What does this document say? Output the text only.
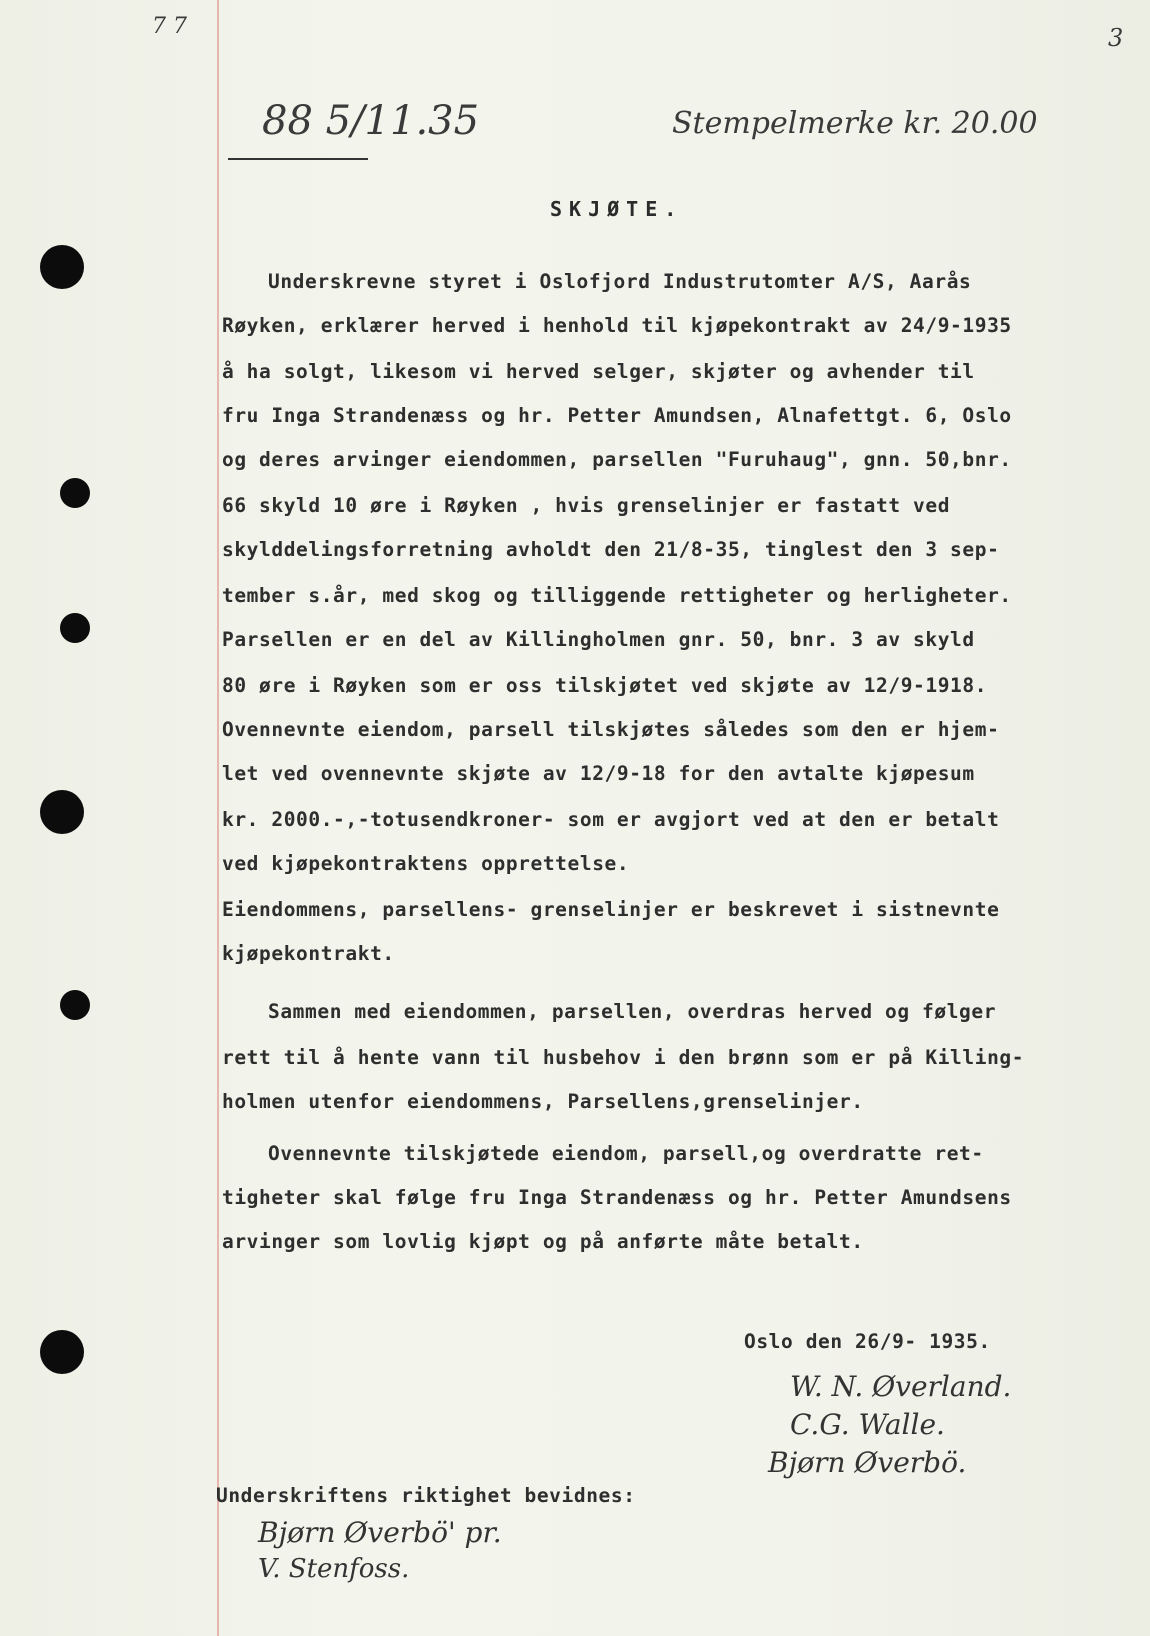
7 7	3
88 5/11.35	Stempelmerke kr. 20.00
SKJØTE.
Underskrevne styret i Oslofjord Industrutomter A/S, Aarås
Røyken, erklærer herved i henhold til kjøpekontrakt av 24/9-1935
å ha solgt, likesom vi herved selger, skjøter og avhender til
fru Inga Strandenæss og hr. Petter Amundsen, Alnafettgt. 6, Oslo
og deres arvinger eiendommen, parsellen "Furuhaug", gnn. 50,bnr.
66 skyld 10 øre i Røyken , hvis grenselinjer er fastatt ved
skylddelingsforretning avholdt den 21/8-35, tinglest den 3 sep-
tember s.år, med skog og tilliggende rettigheter og herligheter.
Parsellen er en del av Killingholmen gnr. 50, bnr. 3 av skyld
80 øre i Røyken som er oss tilskjøtet ved skjøte av 12/9-1918.
Ovennevnte eiendom, parsell tilskjøtes således som den er hjem-
let ved ovennevnte skjøte av 12/9-18 for den avtalte kjøpesum
kr. 2000.-,-totusendkroner- som er avgjort ved at den er betalt
ved kjøpekontraktens opprettelse.
Eiendommens, parsellens- grenselinjer er beskrevet i sistnevnte
kjøpekontrakt.
Sammen med eiendommen, parsellen, overdras herved og følger
rett til å hente vann til husbehov i den brønn som er på Killing-
holmen utenfor eiendommens, Parsellens,grenselinjer.
Ovennevnte tilskjøtede eiendom, parsell,og overdratte ret-
tigheter skal følge fru Inga Strandenæss og hr. Petter Amundsens
arvinger som lovlig kjøpt og på anførte måte betalt.
Oslo den 26/9- 1935.
W. N. Øverland.
C.G. Walle.
Bjørn Øverbö.
Underskriftens riktighet bevidnes:
Bjørn Øverbö' pr.
V. Stenfoss.
